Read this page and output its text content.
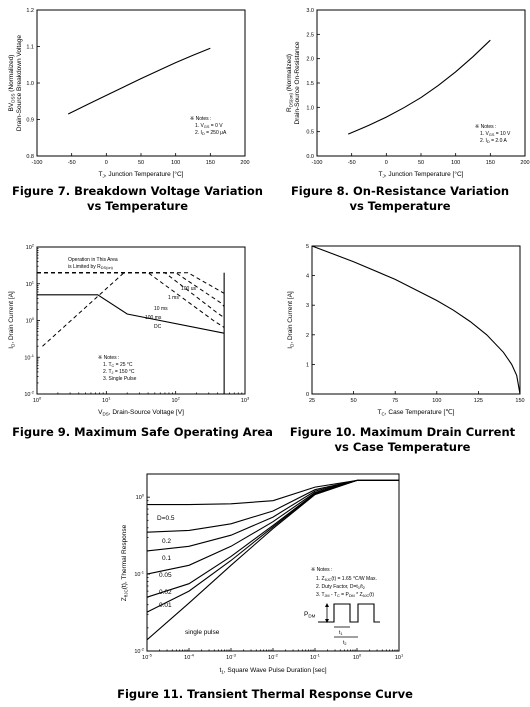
-100	-50	0	50	100	150	200
0.8
0.9
1.0
1.1
1.2
$T_J$, Junction Temperature [°C]
$BV_{DSS}$ (Normalized) Drain-Source Breakdown Voltage	※ Notes :
1. $V_{GS} = 0$ V
2. $I_D = 250$ μA
-100	-50	0	50	100	150	200
0.0
0.5
1.0
1.5
2.0
2.5
3.0
$T_J$, Junction Temperature [°C]
$R_{DS(on)}$ (Normalized) Drain-Source On-Resistance
※ Notes :
1. $V_{GS} = 10$ V
2. $I_D = 2.0$ A
$10^0$	$10^1$	$10^2$	$10^3$
$10^{-2}$
$10^{-1}$
$10^0$
$10^1$
$10^2$
$V_{DS}$, Drain-Source Voltage [V]
$I_D$, Drain Current [A]
Operation in This Area
is Limited by $R_{DS(on)}$
100 us
1 ms
10 ms
100 ms
DC
※ Notes :
1. $T_C = 25$ °C
2. $T_J = 150$ °C
3. Single Pulse
25	50	75	100	125	150
0
1
2
3
4
5
$T_C$, Case Temperature [℃]
$I_D$, Drain Current [A]
$10^{-5}$	$10^{-4}$	$10^{-3}$	$10^{-2}$	$10^{-1}$	$10^0$	$10^1$
$10^{-2}$
$10^{-1}$
$10^0$
$t_1$, Square Wave Pulse Duration [sec]
$Z_{\theta JC}(t)$, Thermal Response
D=0.5
0.2
0.1
0.05
0.02
0.01
single pulse
※ Notes :
1. $Z_{\theta JC}(t) = 1.65$ ℃/W Max.
2. Duty Factor, $D=t_1/t_2$
3. $T_{JM} - T_C = P_{DM} * Z_{\theta JC}(t)$
$P_{DM}$
$t_1$
$t_2$
Figure 7. Breakdown Voltage Variation
vs Temperature
Figure 8. On-Resistance Variation
vs Temperature
Figure 9. Maximum Safe Operating Area	Figure 10. Maximum Drain Current
vs Case Temperature
Figure 11. Transient Thermal Response Curve
